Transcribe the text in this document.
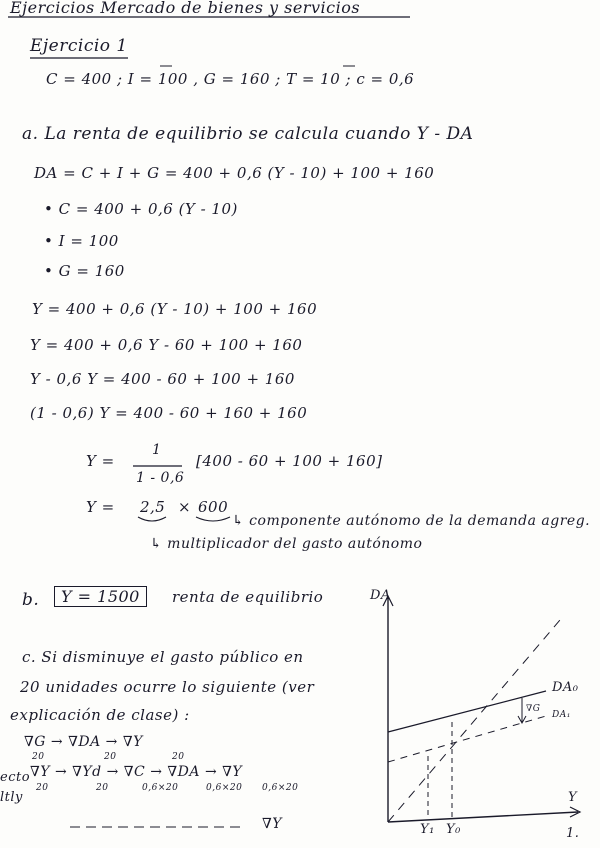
Ejercicios Mercado de bienes y servicios
Ejercicio 1
C = 400 ; I = 100 , G = 160 ; T = 10 ; c = 0,6
a. La renta de equilibrio se calcula cuando Y - DA
DA = C + I + G = 400 + 0,6 (Y - 10) + 100 + 160
• C = 400 + 0,6 (Y - 10)
• I = 100
• G = 160
Y = 400 + 0,6 (Y - 10) + 100 + 160
Y = 400 + 0,6 Y - 60 + 100 + 160
Y - 0,6 Y = 400 - 60 + 100 + 160
(1 - 0,6) Y = 400 - 60 + 160 + 160
Y =
1
1 - 0,6
[400 - 60 + 100 + 160]
Y = 2,5 × 600
↳ componente autónomo de la demanda agreg.
↳ multiplicador del gasto autónomo
b.	Y = 1500	renta de equilibrio
c. Si disminuye el gasto público en
20 unidades ocurre lo siguiente (ver
explicación de clase) :
∇G → ∇DA → ∇Y
20	20	20
ecto
ltly
∇Y → ∇Yd → ∇C → ∇DA → ∇Y
20	20	0,6×20	0,6×20 0,6×20
∇Y
DA
Y
DA₀
∇G
DA₁
Y₁ Y₀	1.
